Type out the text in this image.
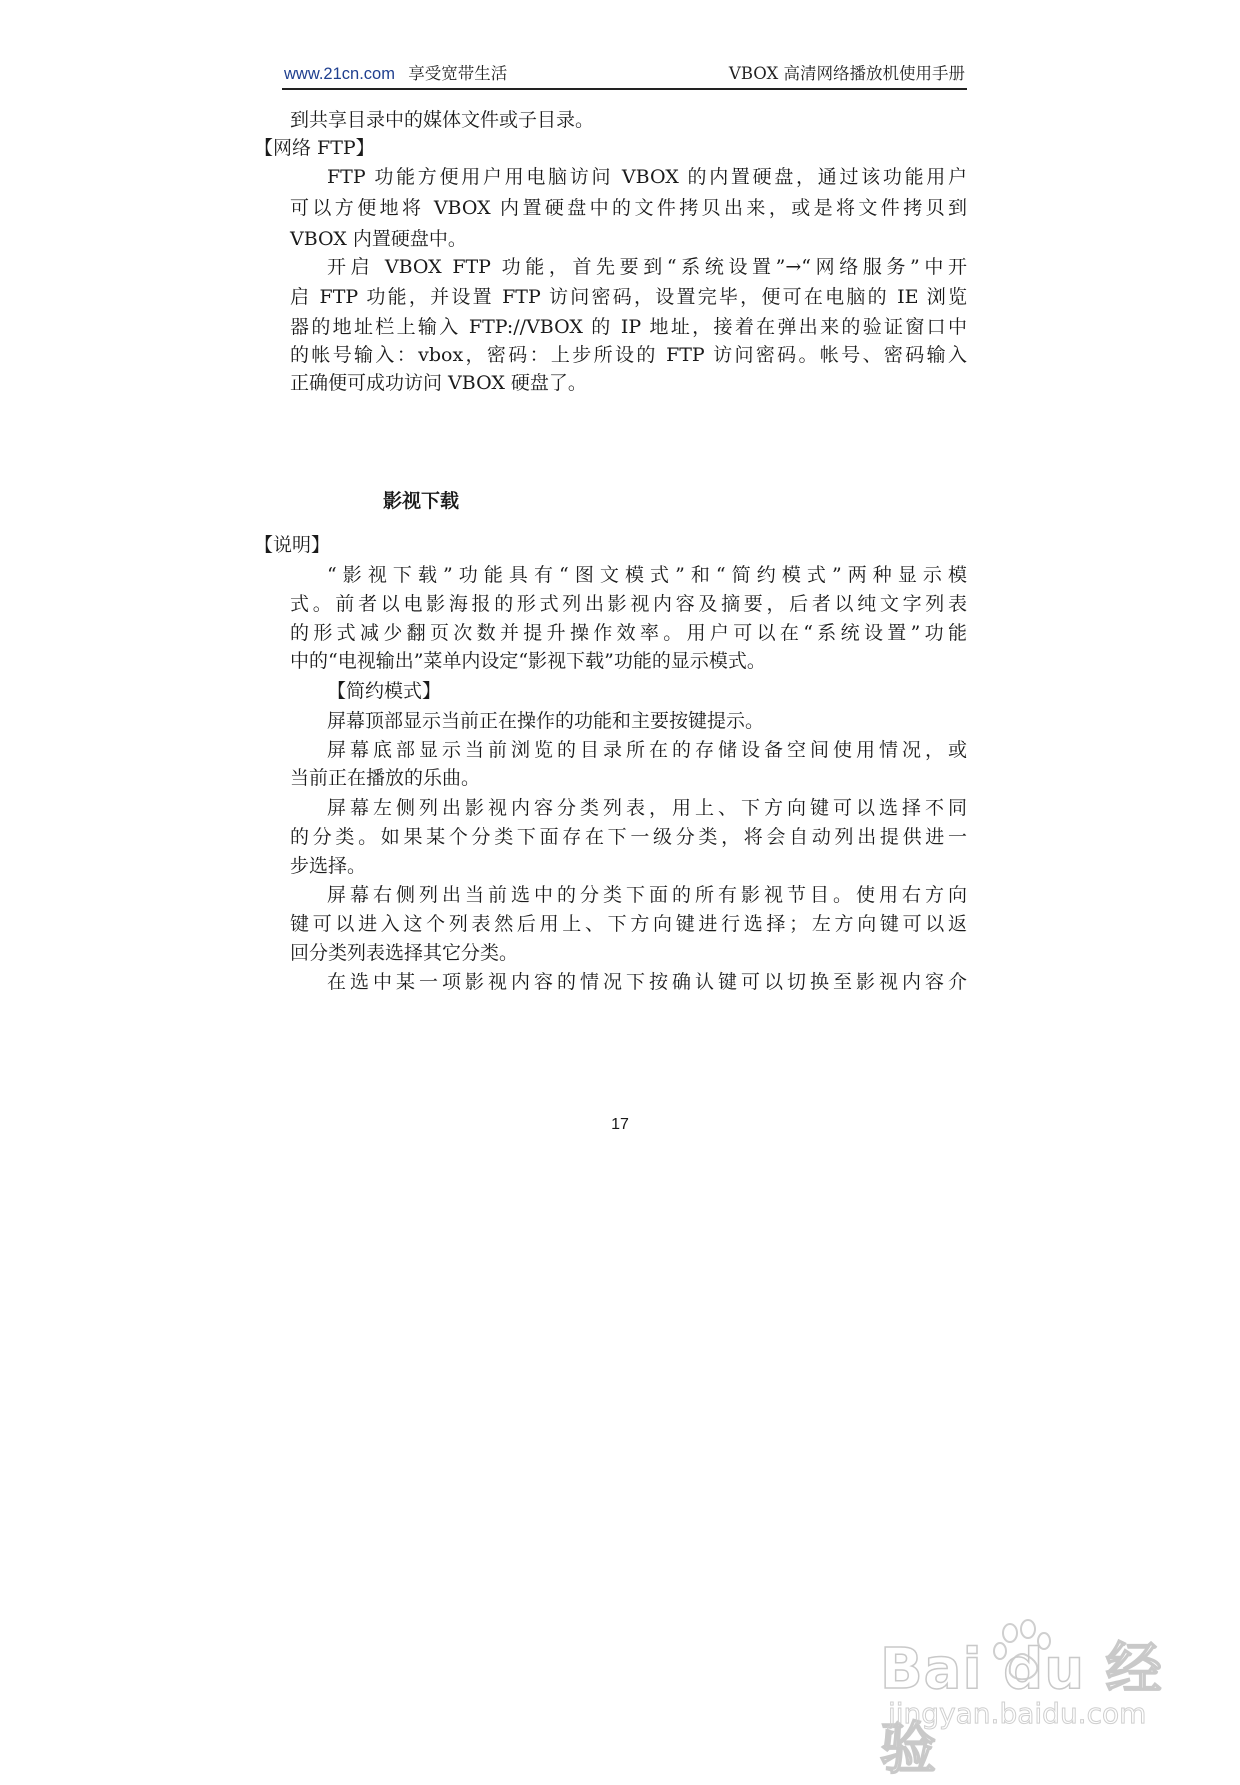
www.21cn.com 享受宽带生活	VBOX 高清网络播放机使用手册
到共享目录中的媒体文件或子目录。
【网络 FTP】
FTP 功能方便用户用电脑访问 VBOX 的内置硬盘，通过该功能用户
可以方便地将 VBOX 内置硬盘中的文件拷贝出来，或是将文件拷贝到
VBOX 内置硬盘中。
开启 VBOX FTP 功能，首先要到“系统设置”→“网络服务”中开
启 FTP 功能，并设置 FTP 访问密码，设置完毕，便可在电脑的 IE 浏览
器的地址栏上输入 FTP://VBOX 的 IP 地址，接着在弹出来的验证窗口中
的帐号输入：vbox，密码：上步所设的 FTP 访问密码。帐号、密码输入
正确便可成功访问 VBOX 硬盘了。
影视下载
【说明】
“影视下载”功能具有“图文模式”和“简约模式”两种显示模
式。前者以电影海报的形式列出影视内容及摘要，后者以纯文字列表
的形式减少翻页次数并提升操作效率。用户可以在“系统设置”功能
中的“电视输出”菜单内设定“影视下载”功能的显示模式。
【简约模式】
屏幕顶部显示当前正在操作的功能和主要按键提示。
屏幕底部显示当前浏览的目录所在的存储设备空间使用情况，或
当前正在播放的乐曲。
屏幕左侧列出影视内容分类列表，用上、下方向键可以选择不同
的分类。如果某个分类下面存在下一级分类，将会自动列出提供进一
步选择。
屏幕右侧列出当前选中的分类下面的所有影视节目。使用右方向
键可以进入这个列表然后用上、下方向键进行选择；左方向键可以返
回分类列表选择其它分类。
在选中某一项影视内容的情况下按确认键可以切换至影视内容介
17
Bai du 经验
jingyan.baidu.com
